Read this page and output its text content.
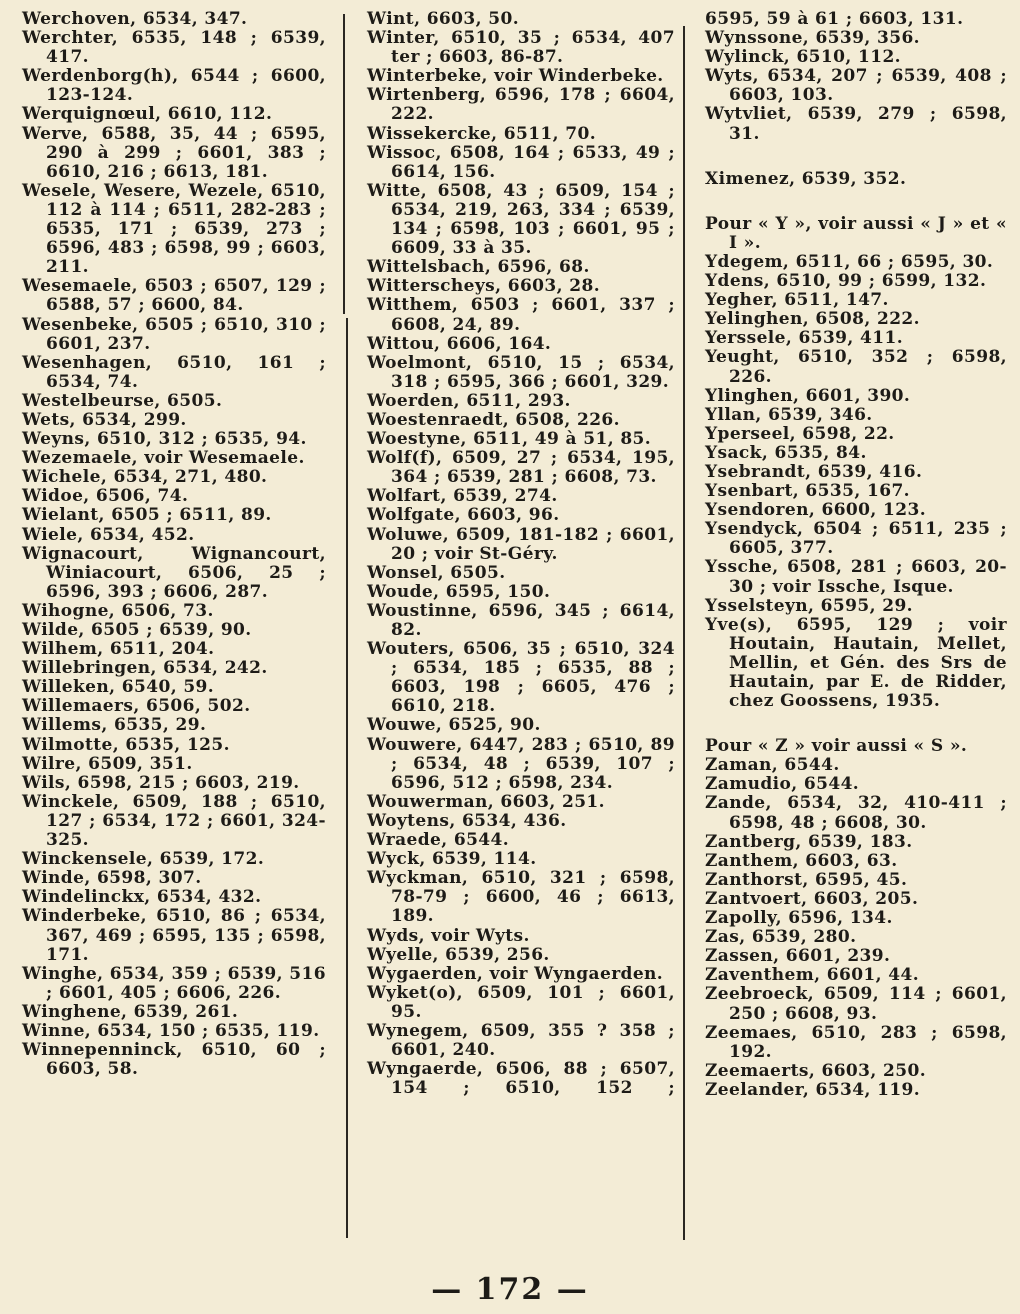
Werchoven, 6534, 347.

Werchter, 6535, 148 ; 6539, 417.

Werdenborg(h), 6544 ; 6600, 123-124.

Werquignœul, 6610, 112.

Werve, 6588, 35, 44 ; 6595, 290 à 299 ; 6601, 383 ; 6610, 216 ; 6613, 181.

Wesele, Wesere, Wezele, 6510, 112 à 114 ; 6511, 282-283 ; 6535, 171 ; 6539, 273 ; 6596, 483 ; 6598, 99 ; 6603, 211.

Wesemaele, 6503 ; 6507, 129 ; 6588, 57 ; 6600, 84.

Wesenbeke, 6505 ; 6510, 310 ; 6601, 237.

Wesenhagen, 6510, 161 ; 6534, 74.

Westelbeurse, 6505.

Wets, 6534, 299.

Weyns, 6510, 312 ; 6535, 94.

Wezemaele, voir Wesemaele.

Wichele, 6534, 271, 480.

Widoe, 6506, 74.

Wielant, 6505 ; 6511, 89.

Wiele, 6534, 452.

Wignacourt, Wignancourt, Winiacourt, 6506, 25 ; 6596, 393 ; 6606, 287.

Wihogne, 6506, 73.

Wilde, 6505 ; 6539, 90.

Wilhem, 6511, 204.

Willebringen, 6534, 242.

Willeken, 6540, 59.

Willemaers, 6506, 502.

Willems, 6535, 29.

Wilmotte, 6535, 125.

Wilre, 6509, 351.

Wils, 6598, 215 ; 6603, 219.

Winckele, 6509, 188 ; 6510, 127 ; 6534, 172 ; 6601, 324-325.

Winckensele, 6539, 172.

Winde, 6598, 307.

Windelinckx, 6534, 432.

Winderbeke, 6510, 86 ; 6534, 367, 469 ; 6595, 135 ; 6598, 171.

Winghe, 6534, 359 ; 6539, 516 ; 6601, 405 ; 6606, 226.

Winghene, 6539, 261.

Winne, 6534, 150 ; 6535, 119.

Winnepenninck, 6510, 60 ; 6603, 58.

Wint, 6603, 50.

Winter, 6510, 35 ; 6534, 407 ter ; 6603, 86-87.

Winterbeke, voir Winderbeke.

Wirtenberg, 6596, 178 ; 6604, 222.

Wissekercke, 6511, 70.

Wissoc, 6508, 164 ; 6533, 49 ; 6614, 156.

Witte, 6508, 43 ; 6509, 154 ; 6534, 219, 263, 334 ; 6539, 134 ; 6598, 103 ; 6601, 95 ; 6609, 33 à 35.

Wittelsbach, 6596, 68.

Witterscheys, 6603, 28.

Witthem, 6503 ; 6601, 337 ; 6608, 24, 89.

Wittou, 6606, 164.

Woelmont, 6510, 15 ; 6534, 318 ; 6595, 366 ; 6601, 329.

Woerden, 6511, 293.

Woestenraedt, 6508, 226.

Woestyne, 6511, 49 à 51, 85.

Wolf(f), 6509, 27 ; 6534, 195, 364 ; 6539, 281 ; 6608, 73.

Wolfart, 6539, 274.

Wolfgate, 6603, 96.

Woluwe, 6509, 181-182 ; 6601, 20 ; voir St-Géry.

Wonsel, 6505.

Woude, 6595, 150.

Woustinne, 6596, 345 ; 6614, 82.

Wouters, 6506, 35 ; 6510, 324 ; 6534, 185 ; 6535, 88 ; 6603, 198 ; 6605, 476 ; 6610, 218.

Wouwe, 6525, 90.

Wouwere, 6447, 283 ; 6510, 89 ; 6534, 48 ; 6539, 107 ; 6596, 512 ; 6598, 234.

Wouwerman, 6603, 251.

Woytens, 6534, 436.

Wraede, 6544.

Wyck, 6539, 114.

Wyckman, 6510, 321 ; 6598, 78-79 ; 6600, 46 ; 6613, 189.

Wyds, voir Wyts.

Wyelle, 6539, 256.

Wygaerden, voir Wyngaerden.

Wyket(o), 6509, 101 ; 6601, 95.

Wynegem, 6509, 355 ? 358 ; 6601, 240.

Wyngaerde, 6506, 88 ; 6507, 154 ; 6510, 152 ;

6595, 59 à 61 ; 6603, 131.

Wynssone, 6539, 356.

Wylinck, 6510, 112.

Wyts, 6534, 207 ; 6539, 408 ; 6603, 103.

Wytvliet, 6539, 279 ; 6598, 31.

Ximenez, 6539, 352.

Pour « Y », voir aussi « J » et « I ».

Ydegem, 6511, 66 ; 6595, 30.

Ydens, 6510, 99 ; 6599, 132.

Yegher, 6511, 147.

Yelinghen, 6508, 222.

Yerssele, 6539, 411.

Yeught, 6510, 352 ; 6598, 226.

Ylinghen, 6601, 390.

Yllan, 6539, 346.

Yperseel, 6598, 22.

Ysack, 6535, 84.

Ysebrandt, 6539, 416.

Ysenbart, 6535, 167.

Ysendoren, 6600, 123.

Ysendyck, 6504 ; 6511, 235 ; 6605, 377.

Yssche, 6508, 281 ; 6603, 20-30 ; voir Issche, Isque.

Ysselsteyn, 6595, 29.

Yve(s), 6595, 129 ; voir Houtain, Hautain, Mellet, Mellin, et Gén. des Srs de Hautain, par E. de Ridder, chez Goossens, 1935.

Pour « Z » voir aussi « S ».

Zaman, 6544.

Zamudio, 6544.

Zande, 6534, 32, 410-411 ; 6598, 48 ; 6608, 30.

Zantberg, 6539, 183.

Zanthem, 6603, 63.

Zanthorst, 6595, 45.

Zantvoert, 6603, 205.

Zapolly, 6596, 134.

Zas, 6539, 280.

Zassen, 6601, 239.

Zaventhem, 6601, 44.

Zeebroeck, 6509, 114 ; 6601, 250 ; 6608, 93.

Zeemaes, 6510, 283 ; 6598, 192.

Zeemaerts, 6603, 250.

Zeelander, 6534, 119.

— 172 —
